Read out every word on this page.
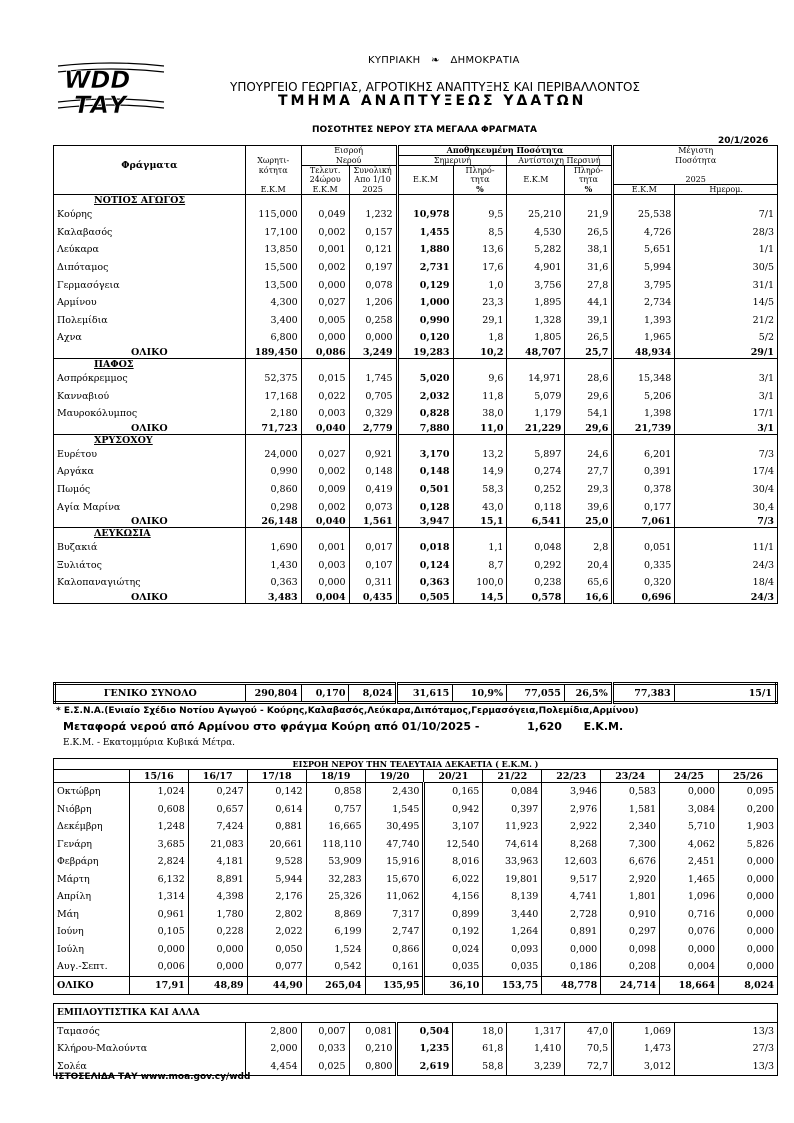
WDD
ΤΑΥ
ΚΥΠΡΙΑΚΗ ❧ ΔΗΜΟΚΡΑΤΙΑ
ΥΠΟΥΡΓΕΙΟ ΓΕΩΡΓΙΑΣ, ΑΓΡΟΤΙΚΗΣ ΑΝΑΠΤΥΞΗΣ ΚΑΙ ΠΕΡΙΒΑΛΛΟΝΤΟΣ
ΤΜΗΜΑ ΑΝΑΠΤΥΞΕΩΣ ΥΔΑΤΩΝ
ΠΟΣΟΤΗΤΕΣ ΝΕΡΟΥ ΣΤΑ ΜΕΓΑΛΑ ΦΡΑΓΜΑΤΑ
20/1/2026
Φράγματα		Εισροή		Αποθηκευμένη Ποσότητα				Μέγιστη	
	Χωρητι-	Νερού		Σημερινή		Αντίστοιχη Περσινή		Ποσότητα	
	κότητα	Τελευτ.	Συνολική		Πληρό-		Πληρό-		
		24ώρου	Απο 1/10	Ε.Κ.Μ	τητα	Ε.Κ.Μ	τητα	2025	
	Ε.Κ.Μ	Ε.Κ.Μ	2025		%		%	Ε.Κ.Μ	Ημερομ.
ΝΟΤΙΟΣ ΑΓΩΓΟΣ									
Κούρης	115,000	0,049	1,232	10,978	9,5	25,210	21,9	25,538	7/1
Καλαβασός	17,100	0,002	0,157	1,455	8,5	4,530	26,5	4,726	28/3
Λεύκαρα	13,850	0,001	0,121	1,880	13,6	5,282	38,1	5,651	1/1
Διπόταμος	15,500	0,002	0,197	2,731	17,6	4,901	31,6	5,994	30/5
Γερμασόγεια	13,500	0,000	0,078	0,129	1,0	3,756	27,8	3,795	31/1
Αρμίνου	4,300	0,027	1,206	1,000	23,3	1,895	44,1	2,734	14/5
Πολεμίδια	3,400	0,005	0,258	0,990	29,1	1,328	39,1	1,393	21/2
Αχνα	6,800	0,000	0,000	0,120	1,8	1,805	26,5	1,965	5/2
ΟΛΙΚΟ	189,450	0,086	3,249	19,283	10,2	48,707	25,7	48,934	29/1
ΠΑΦΟΣ									
Ασπρόκρεμμος	52,375	0,015	1,745	5,020	9,6	14,971	28,6	15,348	3/1
Κανναβιού	17,168	0,022	0,705	2,032	11,8	5,079	29,6	5,206	3/1
Μαυροκόλυμπος	2,180	0,003	0,329	0,828	38,0	1,179	54,1	1,398	17/1
ΟΛΙΚΟ	71,723	0,040	2,779	7,880	11,0	21,229	29,6	21,739	3/1
ΧΡΥΣΟΧΟΥ									
Ευρέτου	24,000	0,027	0,921	3,170	13,2	5,897	24,6	6,201	7/3
Αργάκα	0,990	0,002	0,148	0,148	14,9	0,274	27,7	0,391	17/4
Πωμός	0,860	0,009	0,419	0,501	58,3	0,252	29,3	0,378	30/4
Αγία Μαρίνα	0,298	0,002	0,073	0,128	43,0	0,118	39,6	0,177	30,4
ΟΛΙΚΟ	26,148	0,040	1,561	3,947	15,1	6,541	25,0	7,061	7/3
ΛΕΥΚΩΣΙΑ									
Βυζακιά	1,690	0,001	0,017	0,018	1,1	0,048	2,8	0,051	11/1
Ξυλιάτος	1,430	0,003	0,107	0,124	8,7	0,292	20,4	0,335	24/3
Καλοπαναγιώτης	0,363	0,000	0,311	0,363	100,0	0,238	65,6	0,320	18/4
ΟΛΙΚΟ	3,483	0,004	0,435	0,505	14,5	0,578	16,6	0,696	24/3
ΓΕΝΙΚΟ ΣΥΝΟΛΟ	290,804	0,170	8,024	31,615	10,9%	77,055	26,5%	77,383	15/1
* Ε.Σ.Ν.Α.(Ενιαίο Σχέδιο Νοτίου Αγωγού - Κούρης,Καλαβασός,Λεύκαρα,Διπόταμος,Γερμασόγεια,Πολεμίδια,Αρμίνου)
Μεταφορά νερού από Αρμίνου στο φράγμα Κούρη από 01/10/2025 -	1,620 Ε.Κ.Μ.
Ε.Κ.Μ. - Εκατομμύρια Κυβικά Μέτρα.
ΕΙΣΡΟΗ ΝΕΡΟΥ ΤΗΝ ΤΕΛΕΥΤΑΙΑ ΔΕΚΑΕΤΙΑ ( Ε.Κ.Μ. )											
	15/16	16/17	17/18	18/19	19/20	20/21	21/22	22/23	23/24	24/25	25/26
Οκτώβρη	1,024	0,247	0,142	0,858	2,430	0,165	0,084	3,946	0,583	0,000	0,095
Νιόβρη	0,608	0,657	0,614	0,757	1,545	0,942	0,397	2,976	1,581	3,084	0,200
Δεκέμβρη	1,248	7,424	0,881	16,665	30,495	3,107	11,923	2,922	2,340	5,710	1,903
Γενάρη	3,685	21,083	20,661	118,110	47,740	12,540	74,614	8,268	7,300	4,062	5,826
Φεβράρη	2,824	4,181	9,528	53,909	15,916	8,016	33,963	12,603	6,676	2,451	0,000
Μάρτη	6,132	8,891	5,944	32,283	15,670	6,022	19,801	9,517	2,920	1,465	0,000
Απρίλη	1,314	4,398	2,176	25,326	11,062	4,156	8,139	4,741	1,801	1,096	0,000
Μάη	0,961	1,780	2,802	8,869	7,317	0,899	3,440	2,728	0,910	0,716	0,000
Ιούνη	0,105	0,228	2,022	6,199	2,747	0,192	1,264	0,891	0,297	0,076	0,000
Ιούλη	0,000	0,000	0,050	1,524	0,866	0,024	0,093	0,000	0,098	0,000	0,000
Αυγ.-Σεπτ.	0,006	0,000	0,077	0,542	0,161	0,035	0,035	0,186	0,208	0,004	0,000
ΟΛΙΚΟ	17,91	48,89	44,90	265,04	135,95	36,10	153,75	48,778	24,714	18,664	8,024
ΕΜΠΛΟΥΤΙΣΤΙΚΑ ΚΑΙ ΑΛΛΑ									
Ταμασός	2,800	0,007	0,081	0,504	18,0	1,317	47,0	1,069	13/3
Κλήρου-Μαλούντα	2,000	0,033	0,210	1,235	61,8	1,410	70,5	1,473	27/3
Σολέα	4,454	0,025	0,800	2,619	58,8	3,239	72,7	3,012	13/3
ΙΣΤΟΣΕΛΙΔΑ ΤΑΥ www.moa.gov.cy/wdd
